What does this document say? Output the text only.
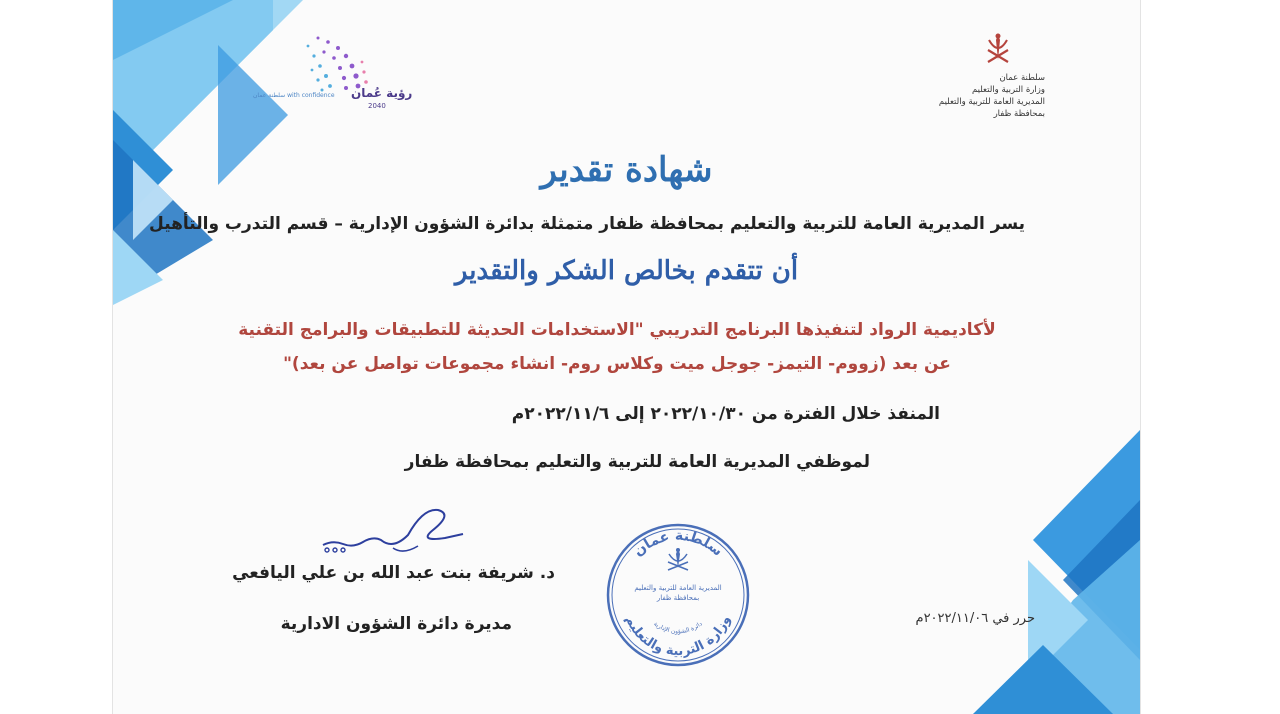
رؤية عُمان
2040
سلطنة عمان with confidence
سلطنة عمان
وزارة التربية والتعليم
المديرية العامة للتربية والتعليم
بمحافظة ظفار
شهادة تقدير
يسر المديرية العامة للتربية والتعليم بمحافظة ظفار متمثلة بدائرة الشؤون الإدارية – قسم التدرب والتأهيل
أن تتقدم بخالص الشكر والتقدير
لأكاديمية الرواد لتنفيذها البرنامج التدريبي "الاستخدامات الحديثة للتطبيقات والبرامج التقنية عن بعد (زووم- التيمز- جوجل ميت وكلاس روم- انشاء مجموعات تواصل عن بعد)"
المنفذ خلال الفترة من ٢٠٢٢/١٠/٣٠ إلى ٢٠٢٢/١١/٦م
لموظفي المديرية العامة للتربية والتعليم بمحافظة ظفار
د. شريفة بنت عبد الله بن علي اليافعي
مديرة دائرة الشؤون الادارية
سلطنة عمان
المديرية العامة للتربية والتعليم
بمحافظة ظفار
دائرة الشؤون الإدارية
وزارة التربية والتعليم	حرر في ٢٠٢٢/١١/٠٦م
